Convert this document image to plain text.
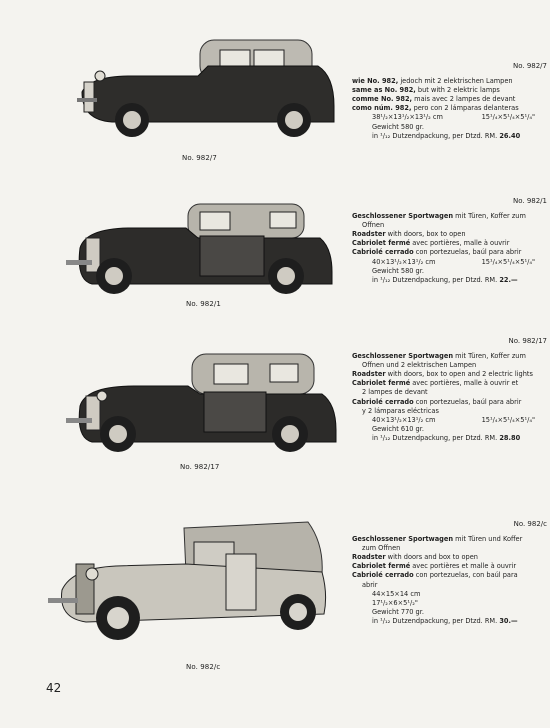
No. 982/7
No. 982/7
wie No. 982, jedoch mit 2 elektrischen Lampen
same as No. 982, but with 2 elektric lamps
comme No. 982, mais avec 2 lampes de devant
como núm. 982, pero con 2 lámparas delanteras
38¹/₂×13¹/₂×13¹/₂ cm	15¹/₄×5¹/₄×5¹/₄"
Gewicht 580 gr.
in ¹/₁₂ Dutzendpackung, per Dtzd. RM. 26.40
No. 982/1
No. 982/1
Geschlossener Sportwagen mit Türen, Koffer zum
Offnen
Roadster with doors, box to open
Cabriolet fermé avec portières, malle à ouvrir
Cabriolé cerrado con portezuelas, baúl para abrir
40×13¹/₂×13¹/₂ cm	15¹/₄×5¹/₄×5¹/₄"
Gewicht 580 gr.
in ¹/₁₂ Dutzendpackung, per Dtzd. RM. 22.—
No. 982/17
No. 982/17
Geschlossener Sportwagen mit Türen, Koffer zum
Offnen und 2 elektrischen Lampen
Roadster with doors, box to open and 2 electric lights
Cabriolet fermé avec portières, malle à ouvrir et
2 lampes de devant
Cabriolé cerrado con portezuelas, baúl para abrir
y 2 lámparas eléctricas
40×13¹/₂×13¹/₂ cm	15¹/₄×5¹/₄×5¹/₄"
Gewicht 610 gr.
in ¹/₁₂ Dutzendpackung, per Dtzd. RM. 28.80
No. 982/c
No. 982/c
Geschlossener Sportwagen mit Türen und Koffer
zum Offnen
Roadster with doors and box to open
Cabriolet fermé avec portières et malle à ouvrir
Cabriolé cerrado con portezuelas, con baúl para
abrir
44×15×14 cm
17¹/₂×6×5¹/₂"
Gewicht 770 gr.
in ¹/₁₂ Dutzendpackung, per Dtzd. RM. 30.—
42
